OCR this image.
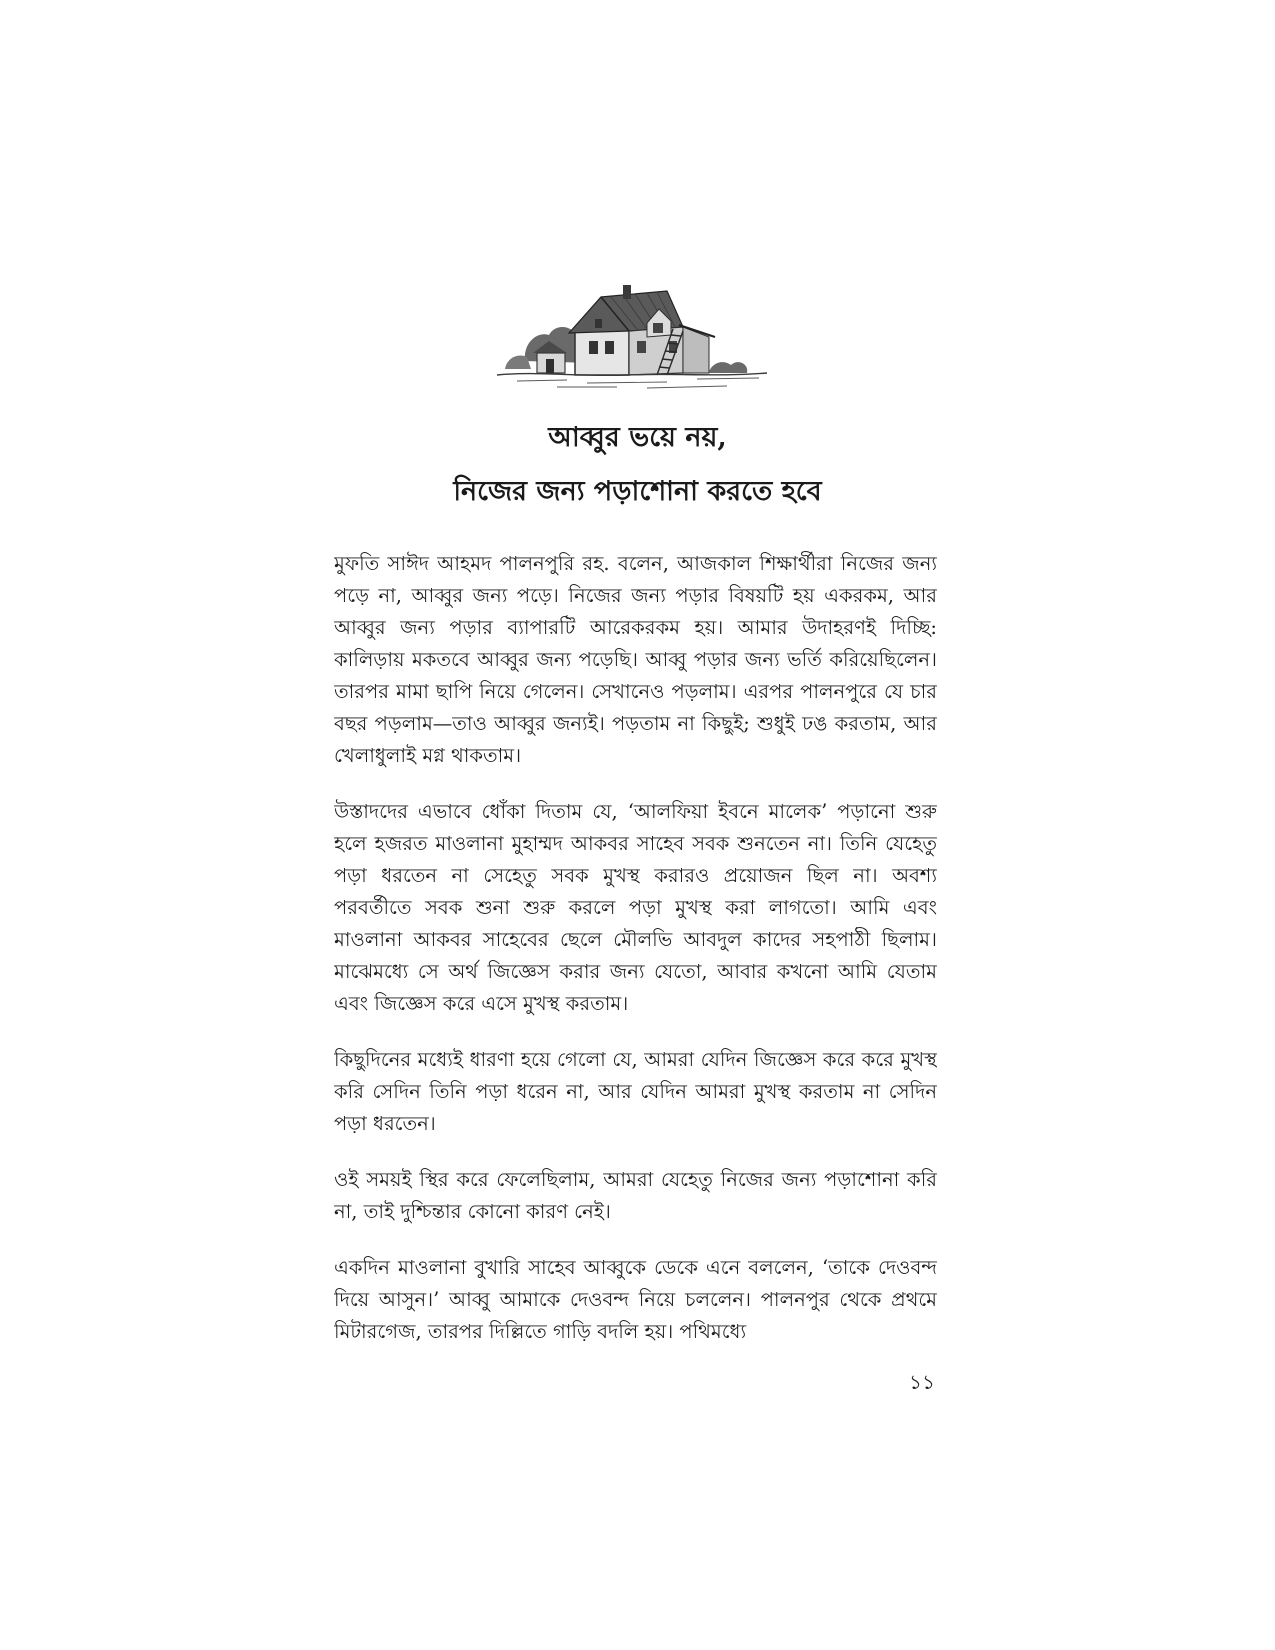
আব্বুর ভয়ে নয়,
নিজের জন্য পড়াশোনা করতে হবে

মুফতি সাঈদ আহমদ পালনপুরি রহ. বলেন, আজকাল শিক্ষার্থীরা নিজের জন্য পড়ে না, আব্বুর জন্য পড়ে। নিজের জন্য পড়ার বিষয়টি হয় একরকম, আর আব্বুর জন্য পড়ার ব্যাপারটি আরেকরকম হয়। আমার উদাহরণই দিচ্ছি: কালিড়ায় মকতবে আব্বুর জন্য পড়েছি। আব্বু পড়ার জন্য ভর্তি করিয়েছিলেন। তারপর মামা ছাপি নিয়ে গেলেন। সেখানেও পড়লাম। এরপর পালনপুরে যে চার বছর পড়লাম—তাও আব্বুর জন্যই। পড়তাম না কিছুই; শুধুই ঢঙ করতাম, আর খেলাধুলাই মগ্ন থাকতাম।

উস্তাদদের এভাবে ধোঁকা দিতাম যে, ‘আলফিয়া ইবনে মালেক’ পড়ানো শুরু হলে হজরত মাওলানা মুহাম্মদ আকবর সাহেব সবক শুনতেন না। তিনি যেহেতু পড়া ধরতেন না সেহেতু সবক মুখস্থ করারও প্রয়োজন ছিল না। অবশ্য পরবর্তীতে সবক শুনা শুরু করলে পড়া মুখস্থ করা লাগতো। আমি এবং মাওলানা আকবর সাহেবের ছেলে মৌলভি আবদুল কাদের সহপাঠী ছিলাম। মাঝেমধ্যে সে অর্থ জিজ্ঞেস করার জন্য যেতো, আবার কখনো আমি যেতাম এবং জিজ্ঞেস করে এসে মুখস্থ করতাম।

কিছুদিনের মধ্যেই ধারণা হয়ে গেলো যে, আমরা যেদিন জিজ্ঞেস করে করে মুখস্থ করি সেদিন তিনি পড়া ধরেন না, আর যেদিন আমরা মুখস্থ করতাম না সেদিন পড়া ধরতেন।

ওই সময়ই স্থির করে ফেলেছিলাম, আমরা যেহেতু নিজের জন্য পড়াশোনা করি না, তাই দুশ্চিন্তার কোনো কারণ নেই।

একদিন মাওলানা বুখারি সাহেব আব্বুকে ডেকে এনে বললেন, ‘তাকে দেওবন্দ দিয়ে আসুন।’ আব্বু আমাকে দেওবন্দ নিয়ে চললেন। পালনপুর থেকে প্রথমে মিটারগেজ, তারপর দিল্লিতে গাড়ি বদলি হয়। পথিমধ্যে

১১
